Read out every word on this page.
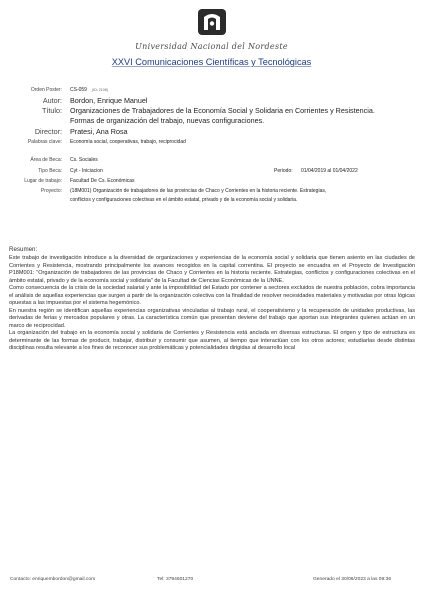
Universidad Nacional del Nordeste
XXVI Comunicaciones Científicas y Tecnológicas
Orden Poster: CS-059 (ID: 2108)
Autor: Bordon, Enrique Manuel
Título: Organizaciones de Trabajadores de la Economía Social y Solidaria en Corrientes y Resistencia.
Formas de organización del trabajo, nuevas configuraciones.
Director: Pratesi, Ana Rosa
Palabras clave: Economía social, cooperativas, trabajo, reciprocidad
Área de Beca: Cs. Sociales
Tipo Beca: Cyt - Iniciacion	Periodo: 01/04/2019 al 01/04/2022
Lugar de trabajo: Facultad De Cs. Económicas
Proyecto: (18M001) Organización de trabajadores de las provincias de Chaco y Corrientes en la historia reciente. Estrategias,
conflictos y configuraciones colectivas en el ámbito estatal, privado y de la economía social y solidaria.
Resumen:

Este trabajo de investigación introduce a la diversidad de organizaciones y experiencias de la economía social y solidaria que tienen asiento en las ciudades de Corrientes y Resistencia, mostrando principalmente los avances recogidos en la capital correntina. El proyecto se encuadra en el Proyecto de Investigación P18M001: "Organización de trabajadores de las provincias de Chaco y Corrientes en la historia reciente. Estrategias, conflictos y configuraciones colectivas en el ámbito estatal, privado y de la economía social y solidaria" de la Facultad de Ciencias Económicas de la UNNE.

Como consecuencia de la crisis de la sociedad salarial y ante la imposibilidad del Estado por contener a sectores excluidos de nuestra población, cobra importancia el análisis de aquellas experiencias que surgen a partir de la organización colectiva con la finalidad de resolver necesidades materiales y motivadas por otras lógicas opuestas a las impuestas por el sistema hegemónico.

En nuestra región se identifican aquellas experiencias organizativas vinculadas al trabajo rural, el cooperativismo y la recuperación de unidades productivas, las derivadas de ferias y mercados populares y otras. La característica común que presentan deviene del trabajo que aportan sus integrantes quienes actúan en un marco de reciprocidad.

La organización del trabajo en la economía social y solidaria de Corrientes y Resistencia está anclada en diversas estructuras. El origen y tipo de estructura es determinante de las formas de producir, trabajar, distribuir y consumir que asumen, al tiempo que interactúan con los otros actores; estudiarlas desde distintas disciplinas resulta relevante a los fines de reconocer sus problemáticas y potencialidades dirigidas al desarrollo local

Contacto: enriquembordon@gmail.com	Tel: 3794601270	Generado el 30/06/2023 a las 09:36
